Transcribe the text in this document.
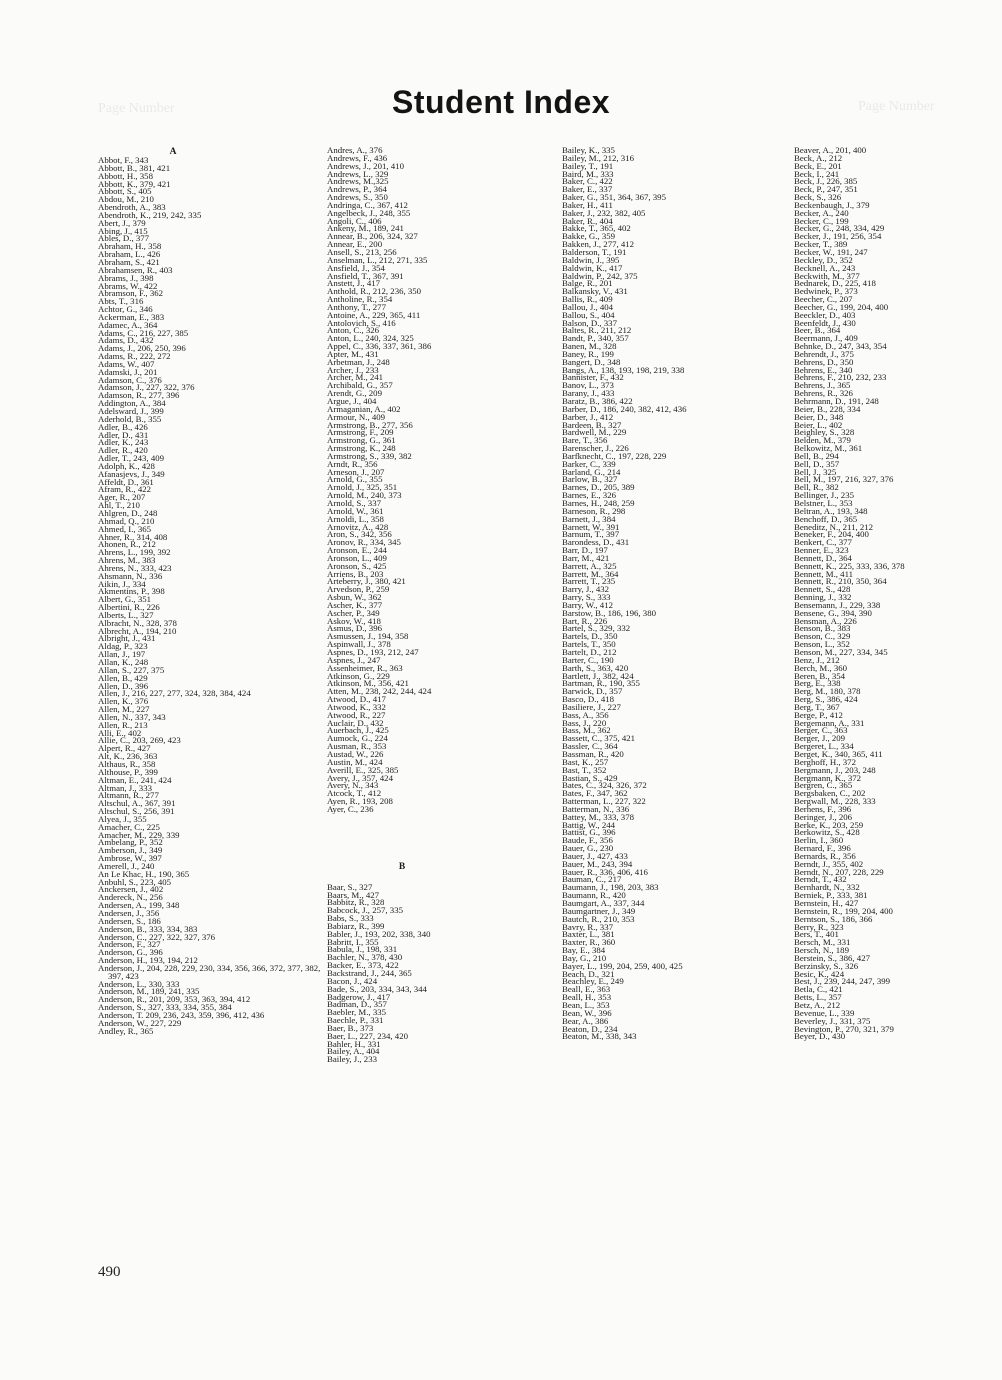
Page Number
Page Number	Student Index
A
Abbot, F., 343
Abbott, B., 381, 421
Abbott, H., 358
Abbott, K., 379, 421
Abbott, S., 405
Abdou, M., 210
Abendroth, A., 383
Abendroth, K., 219, 242, 335
Abert, J., 379
Abing, J., 415
Ables, D., 377
Abraham, H., 358
Abraham, L., 426
Abraham, S., 421
Abrahamsen, R., 403
Abrams, J., 398
Abrams, W., 422
Abramson, F., 362
Abts, T., 316
Achtor, G., 346
Ackerman, E., 383
Adamec, A., 364
Adams, C., 216, 227, 385
Adams, D., 432
Adams, J., 206, 250, 396
Adams, R., 222, 272
Adams, W., 407
Adamski, J., 201
Adamson, C., 376
Adamson, J., 227, 322, 376
Adamson, R., 277, 396
Addington, A., 384
Adelsward, J., 399
Aderhold, B., 355
Adler, B., 426
Adler, D., 431
Adler, K., 243
Adler, R., 420
Adler, T., 243, 409
Adolph, K., 428
Afanasjevs, J., 349
Affeldt, D., 361
Afram, R., 422
Ager, R., 207
Ahl, T., 210
Ahlgren, D., 248
Ahmad, Q., 210
Ahmed, I., 365
Ahner, R., 314, 408
Ahonen, R., 212
Ahrens, L., 199, 392
Ahrens, M., 383
Ahrens, N., 333, 423
Ahsmann, N., 336
Aikin, J., 334
Akmentins, P., 398
Albert, G., 351
Albertini, R., 226
Alberts, L., 327
Albracht, N., 328, 378
Albrecht, A., 194, 210
Albright, J., 431
Aldag, P., 323
Allan, J., 197
Allan, K., 248
Allan, S., 227, 375
Allen, B., 429
Allen, D., 396
Allen, J., 216, 227, 277, 324, 328, 384, 424
Allen, K., 376
Allen, M., 227
Allen, N., 337, 343
Allen, R., 213
Alli, E., 402
Allie, C., 203, 269, 423
Alpert, R., 427
Alt, K., 236, 363
Althaus, R., 358
Althouse, P., 399
Altman, E., 241, 424
Altman, J., 333
Altmann, R., 277
Altschul, A., 367, 391
Altschul, S., 256, 391
Alyea, J., 355
Amacher, C., 225
Amacher, M., 229, 339
Ambelang, P., 352
Amberson, J., 349
Ambrose, W., 397
Amerell, J., 240
An Le Khac, H., 190, 365
Anbuhl, S., 223, 405
Anckersen, J., 402
Andereck, N., 256
Andersen, A., 199, 348
Andersen, J., 356
Andersen, S., 186
Anderson, B., 333, 334, 383
Anderson, C., 227, 322, 327, 376
Anderson, F., 327
Anderson, G., 396
Anderson, H., 193, 194, 212
Anderson, J., 204, 228, 229, 230, 334, 356, 366, 372, 377, 382, 397, 423
Anderson, L., 330, 333
Anderson, M., 189, 241, 335
Anderson, R., 201, 209, 353, 363, 394, 412
Anderson, S., 327, 333, 334, 355, 384
Anderson, T. 209, 236, 243, 359, 396, 412, 436
Anderson, W., 227, 229
Andley, R., 365
Andres, A., 376
Andrews, F., 436
Andrews, J., 201, 410
Andrews, L., 329
Andrews, M.,325
Andrews, P., 364
Andrews, S., 350
Andringa, C., 367, 412
Angelbeck, J., 248, 355
Angoli, C., 406
Ankeny, M., 189, 241
Annear, B., 206, 324, 327
Annear, E., 200
Ansell, S., 213, 256
Anselman, L., 212, 271, 335
Ansfield, J., 354
Ansfield, T., 367, 391
Anstett, J., 417
Anthold, R., 212, 236, 350
Antholine, R., 354
Anthony, T., 277
Antoine, A., 229, 365, 411
Antolovich, S., 416
Anton, C., 326
Anton, L., 240, 324, 325
Appel, C., 336, 337, 361, 386
Apter, M., 431
Arbetman, J., 248
Archer, J., 233
Archer, M., 241
Archibald, G., 357
Arendt, G., 209
Argue, J., 404
Armaganian, A., 402
Armour, N., 409
Armstrong, B., 277, 356
Armstrong, F., 209
Armstrong, G., 361
Armstrong, K., 248
Armstrong, S., 339, 382
Arndt, R., 356
Arneson, J., 207
Arnold, G., 355
Arnold, J., 325, 351
Arnold, M., 240, 373
Arnold, S., 337
Arnold, W., 361
Arnoldi, L., 358
Arnovitz, A., 428
Aron, S., 342, 356
Aronov, R., 334, 345
Aronson, E., 244
Aronson, L., 409
Aronson, S., 425
Arriens, B., 203
Arteberry, J., 380, 421
Arvedson, P., 259
Asbun, W., 362
Ascher, K., 377
Ascher, P., 349
Askov, W., 418
Asmus, D., 396
Asmussen, J., 194, 358
Aspinwall, J., 378
Aspnes, D., 193, 212, 247
Aspnes, J., 247
Assenheimer, R., 363
Atkinson, G., 229
Atkinson, M., 356, 421
Atten, M., 238, 242, 244, 424
Atwood, D., 417
Atwood, K., 332
Atwood, R., 227
Auclair, D., 432
Auerbach, J., 425
Aumock, G., 224
Ausman, R., 353
Austad, W., 226
Austin, M., 424
Averill, E., 325, 385
Avery, J., 357, 424
Avery, N., 343
Atcock, T., 412
Ayen, R., 193, 208
Ayer, C., 236
B
Baar, S., 327
Baars, M., 427
Babbitz, R., 328
Babcock, J., 257, 335
Babs, S., 333
Babiarz, R., 399
Babler, J., 193, 202, 338, 340
Babritt, I., 355
Babula, J., 198, 331
Bachler, N., 378, 430
Backer, E., 373, 422
Backstrand, J., 244, 365
Bacon, J., 424
Bade, S., 203, 334, 343, 344
Badgerow, J., 417
Badman, D., 357
Baebler, M., 335
Baechle, P., 331
Baer, B., 373
Baer, L., 227, 234, 420
Bahler, H., 331
Bailey, A., 404
Bailey, J., 233
Bailey, K., 335
Bailey, M., 212, 316
Bailey, T., 191
Baird, M., 333
Baker, C., 422
Baker, E., 337
Baker, G., 351, 364, 367, 395
Baker, H., 411
Baker, J., 232, 382, 405
Baker, R., 404
Bakke, T., 365, 402
Bakke, G., 359
Bakken, J., 277, 412
Balderson, T., 191
Baldwin, J., 395
Baldwin, K., 417
Baldwin, P., 242, 375
Balge, R., 201
Balkansky, V., 431
Ballis, R., 409
Ballou, J., 404
Ballou, S., 404
Balson, D., 337
Baltes, R., 211, 212
Bandt, P., 340, 357
Banen, M., 328
Baney, R., 199
Bangert, D., 348
Bangs, A., 138, 193, 198, 219, 338
Bannister, F., 432
Banov, L., 373
Barany, J., 433
Baratz, B., 386, 422
Barber, D., 186, 240, 382, 412, 436
Barber, J., 412
Bardeen, B., 327
Bardwell, M., 229
Bare, T., 356
Barenscher, J., 226
Barfknecht, C., 197, 228, 229
Barker, C., 339
Barland, G., 214
Barlow, B., 327
Barnes, D., 205, 389
Barnes, E., 326
Barnes, H., 248, 259
Barneson, R., 298
Barnett, J., 384
Barnett, W., 391
Barnum, T., 397
Barondess, D., 431
Barr, D., 197
Barr, M., 421
Barrett, A., 325
Barrett, M., 364
Barrett, T., 235
Barry, J., 432
Barry, S., 333
Barry, W., 412
Barstow, B., 186, 196, 380
Bart, R., 226
Bartel, S., 329, 332
Bartels, D., 350
Bartels, T., 350
Bartelt, D., 212
Barter, C., 190
Barth, S., 363, 420
Bartlett, J., 382, 424
Bartman, R., 190, 355
Barwick, D., 357
Basco, D., 418
Basiliere, J., 227
Bass, A., 356
Bass, J., 220
Bass, M., 362
Bassett, C., 375, 421
Bassler, C., 364
Bassman, R., 420
Bast, K., 257
Bast, T., 352
Bastian, S., 429
Bates, C., 324, 326, 372
Bates, F., 347, 362
Batterman, L., 227, 322
Batterman, N., 336
Battey, M., 333, 378
Battig, W., 244
Battist, G., 396
Baude, F., 356
Bauer, G., 230
Bauer, J., 427, 433
Bauer, M., 243, 394
Bauer, R., 336, 406, 416
Bauman, C., 217
Baumann, J., 198, 203, 383
Baumann, R., 420
Baumgart, A., 337, 344
Baumgartner, J., 349
Bautch, R., 210, 353
Bavry, R., 337
Baxter, L., 381
Baxter, R., 360
Bay, E., 384
Bay, G., 210
Bayer, L., 199, 204, 259, 400, 425
Beach, D., 321
Beachley, E., 249
Beall, E., 363
Beall, H., 353
Bean, L., 353
Bean, W., 396
Bear, A., 386
Beaton, D., 234
Beaton, M., 338, 343
Beaver, A., 201, 400
Beck, A., 212
Beck, E., 201
Beck, I., 241
Beck, J., 226, 385
Beck, P., 247, 351
Beck, S., 326
Beckenbaugh, J., 379
Becker, A., 240
Becker, C., 199
Becker, G., 248, 334, 429
Becker, J., 191, 256, 354
Becker, T., 389
Becker, W., 191, 247
Beckley, D., 352
Becknell, A., 243
Beckwith, M., 377
Bednarek, D., 225, 418
Bedwinek, P., 373
Beecher, C., 207
Beecher, G., 199, 204, 400
Beeckler, D., 403
Beenfeldt, J., 430
Beer, B., 364
Beermann, J., 409
Behnke, D., 247, 343, 354
Behrendt, J., 375
Behrens, D., 350
Behrens, E., 340
Behrens, F., 210, 232, 233
Behrens, J., 365
Behrens, R., 326
Behrmann, D., 191, 248
Beier, B., 228, 334
Beier, D., 348
Beier, L., 402
Beighley, S., 328
Belden, M., 379
Belkowitz, M., 361
Bell, B., 294
Bell, D., 357
Bell, J., 325
Bell, M., 197, 216, 327, 376
Bell, R., 382
Bellinger, J., 235
Belstner, L., 353
Beltran, A., 193, 348
Benchoff, D., 365
Beneditz, N., 211, 212
Beneker, F., 204, 400
Benkert, C., 377
Benner, E., 323
Bennett, D., 364
Bennett, K., 225, 333, 336, 378
Bennett, M., 411
Bennett, R., 210, 350, 364
Bennett, S., 428
Benning, J., 332
Bensemann, J., 229, 338
Bensene, G., 394, 390
Bensman, A., 226
Benson, B., 383
Benson, C., 329
Benson, L., 352
Benson, M., 227, 334, 345
Benz, J., 212
Berch, M., 360
Beren, B., 354
Berg, E., 338
Berg, M., 180, 378
Berg, S., 386, 424
Berg, T., 367
Berge, P., 412
Bergemann, A., 331
Berger, C., 363
Berger, J., 209
Bergeret, L., 334
Berget, K., 340, 365, 411
Berghoff, H., 372
Bergmann, J., 203, 248
Bergmann, K., 372
Bergren, C., 365
Bergsbaken, C., 202
Bergwall, M., 228, 333
Berhens, F., 396
Beringer, J., 206
Berke, K., 203, 259
Berkowitz, S., 428
Berlin, I., 360
Bernard, F., 396
Bernards, R., 356
Berndt, J., 355, 402
Berndt, N., 207, 228, 229
Berndt, T., 432
Bernhardt, N., 332
Berniek, P., 333, 381
Bernstein, H., 427
Bernstein, R., 199, 204, 400
Berntson, S., 186, 366
Berry, R., 323
Bers, T., 401
Bersch, M., 331
Bersch, N., 189
Berstein, S., 386, 427
Berzinsky, S., 326
Besic, K., 424
Best, J., 239, 244, 247, 399
Betla, C., 421
Betts, L., 357
Betz, A., 212
Bevenue, L., 339
Beverley, J., 331, 375
Bevington, P., 270, 321, 379
Beyer, D., 430
490
